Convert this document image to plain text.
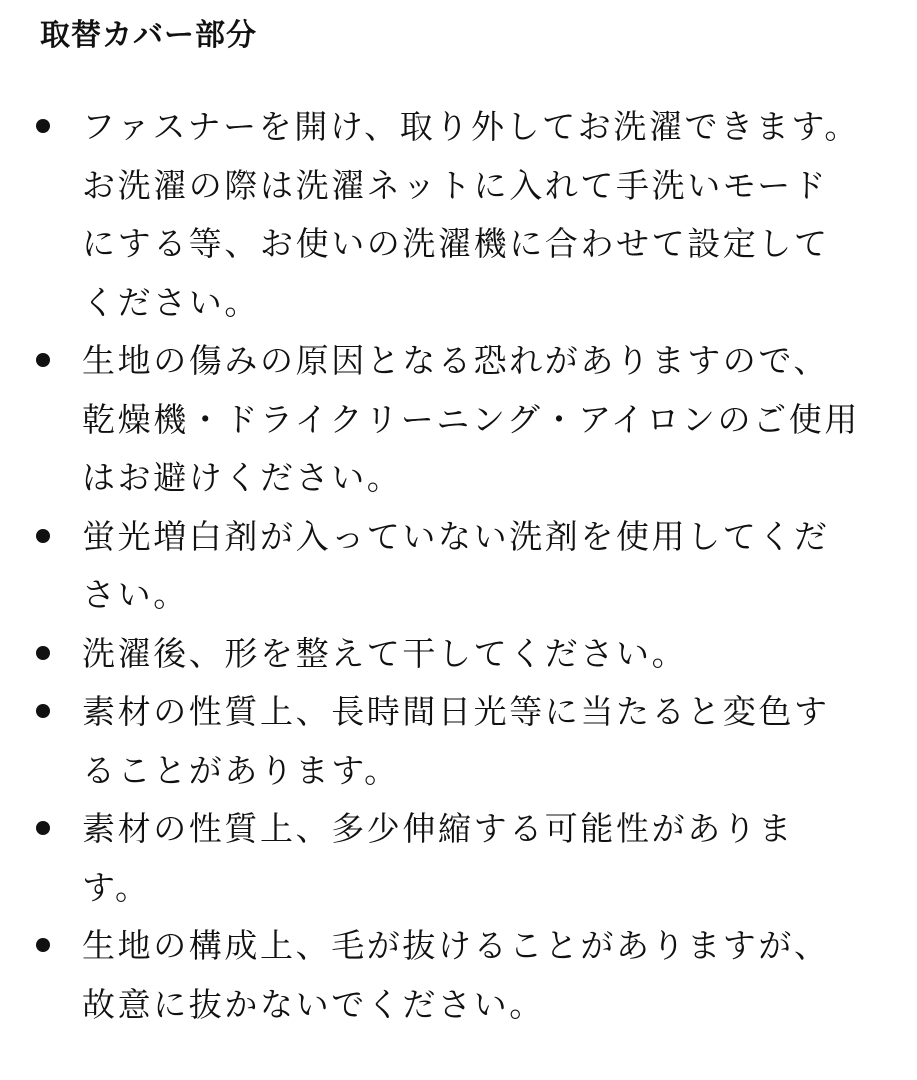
取替カバー部分
ファスナーを開け、取り外してお洗濯できます。お洗濯の際は洗濯ネットに入れて手洗いモードにする等、お使いの洗濯機に合わせて設定してください。
生地の傷みの原因となる恐れがありますので、乾燥機・ドライクリーニング・アイロンのご使用はお避けください。
蛍光増白剤が入っていない洗剤を使用してください。
洗濯後、形を整えて干してください。
素材の性質上、長時間日光等に当たると変色することがあります。
素材の性質上、多少伸縮する可能性があります。
生地の構成上、毛が抜けることがありますが、故意に抜かないでください。
